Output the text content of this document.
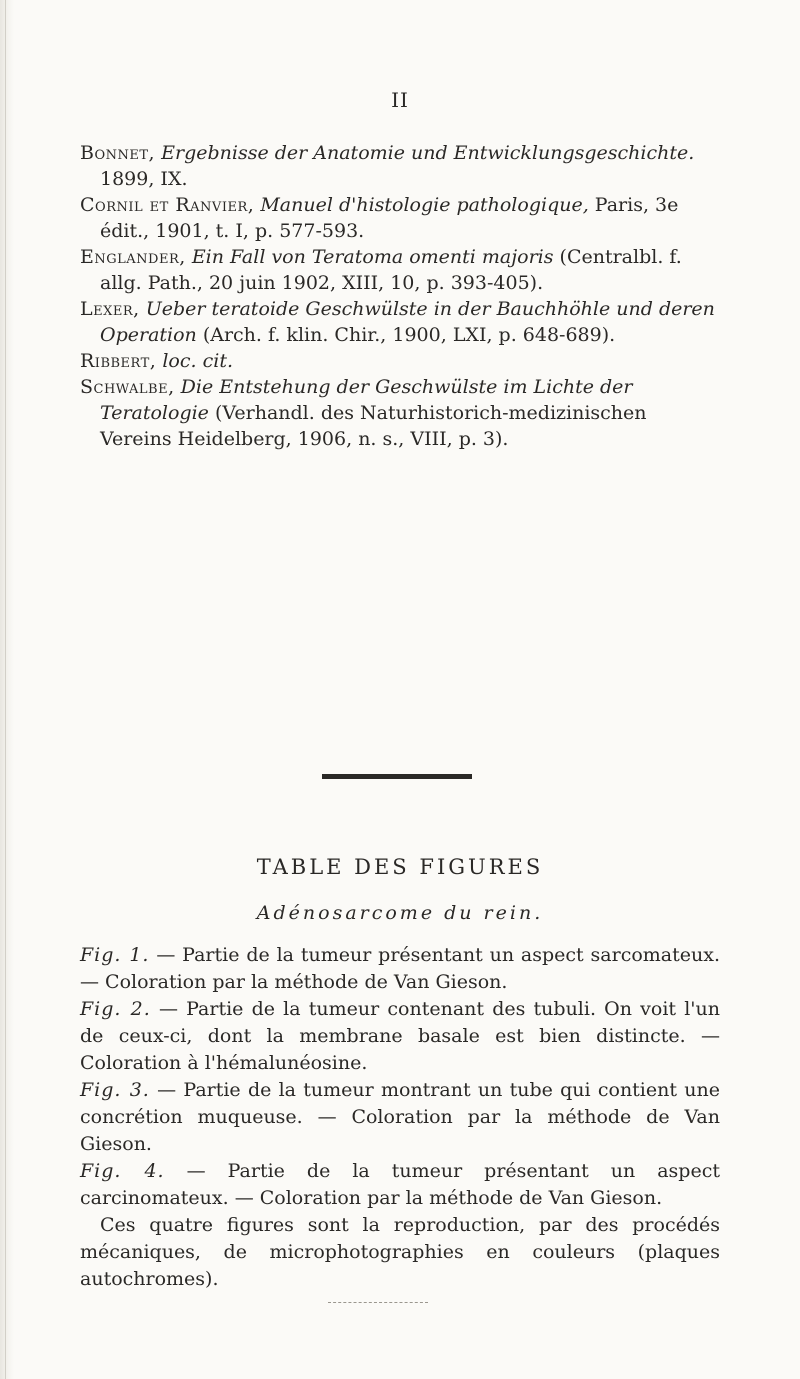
II

Bonnet, Ergebnisse der Anatomie und Entwicklungsgeschichte. 1899, IX.

Cornil et Ranvier, Manuel d'histologie pathologique, Paris, 3e édit., 1901, t. I, p. 577-593.

Englander, Ein Fall von Teratoma omenti majoris (Centralbl. f. allg. Path., 20 juin 1902, XIII, 10, p. 393-405).

Lexer, Ueber teratoide Geschwülste in der Bauchhöhle und deren Operation (Arch. f. klin. Chir., 1900, LXI, p. 648-689).

Ribbert, loc. cit.

Schwalbe, Die Entstehung der Geschwülste im Lichte der Teratologie (Verhandl. des Naturhistorich-medizinischen Vereins Heidelberg, 1906, n. s., VIII, p. 3).

TABLE DES FIGURES
Adénosarcome du rein.

Fig. 1. — Partie de la tumeur présentant un aspect sarcomateux. — Coloration par la méthode de Van Gieson.

Fig. 2. — Partie de la tumeur contenant des tubuli. On voit l'un de ceux-ci, dont la membrane basale est bien distincte. — Coloration à l'hémalunéosine.

Fig. 3. — Partie de la tumeur montrant un tube qui contient une concrétion muqueuse. — Coloration par la méthode de Van Gieson.

Fig. 4. — Partie de la tumeur présentant un aspect carcinomateux. — Coloration par la méthode de Van Gieson.

Ces quatre figures sont la reproduction, par des procédés mécaniques, de microphotographies en couleurs (plaques autochromes).
